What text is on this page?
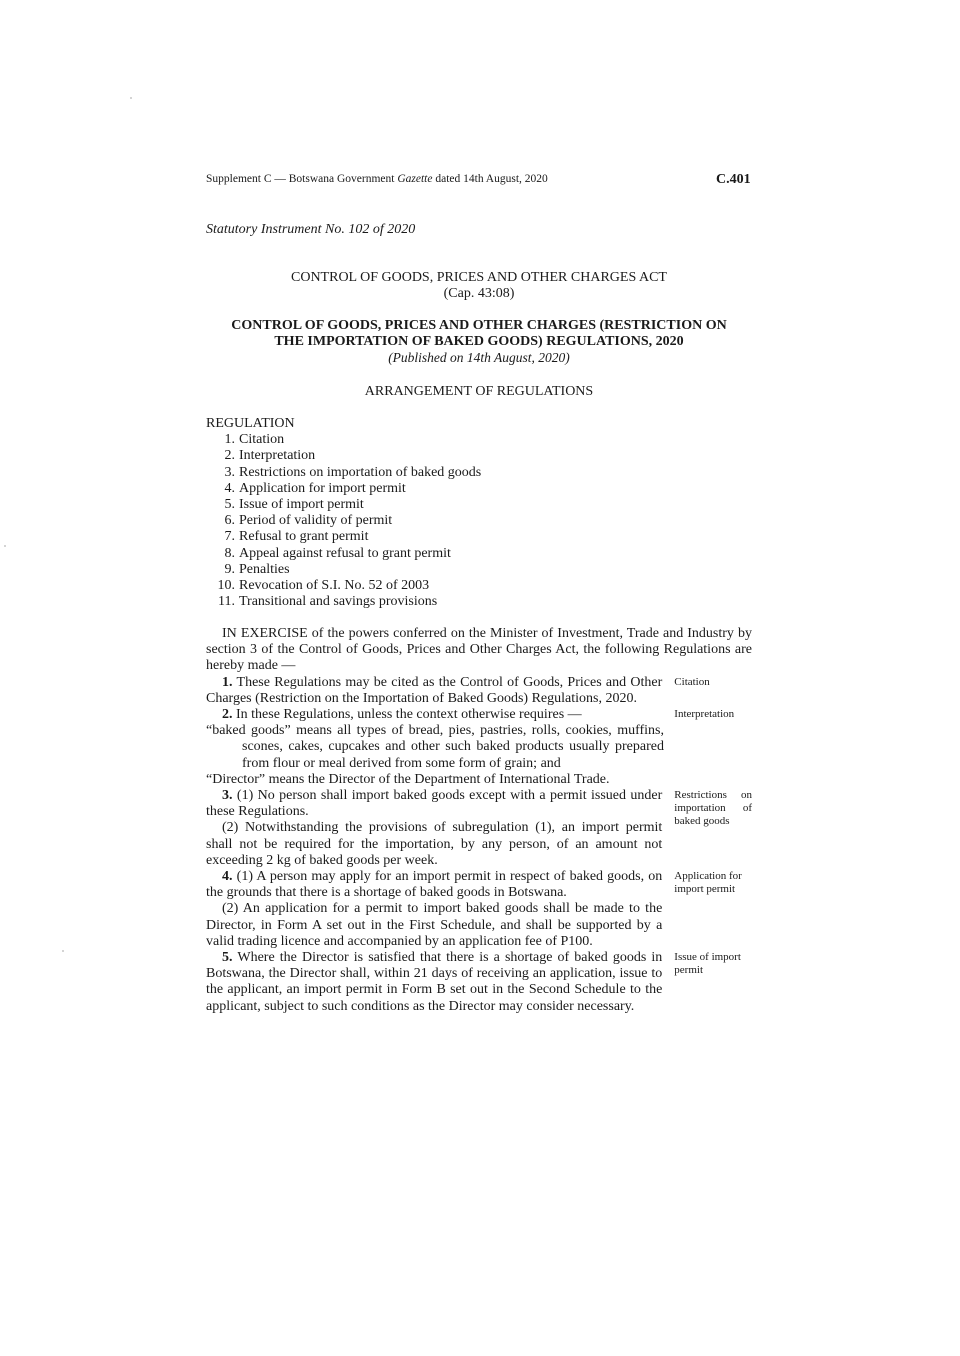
Supplement C — Botswana Government Gazette dated 14th August, 2020	C.401
Statutory Instrument No. 102 of 2020
CONTROL OF GOODS, PRICES AND OTHER CHARGES ACT
(Cap. 43:08)
CONTROL OF GOODS, PRICES AND OTHER CHARGES (RESTRICTION ON
THE IMPORTATION OF BAKED GOODS) REGULATIONS, 2020
(Published on 14th August, 2020)
ARRANGEMENT OF REGULATIONS
REGULATION
1. Citation
2. Interpretation
3. Restrictions on importation of baked goods
4. Application for import permit
5. Issue of import permit
6. Period of validity of permit
7. Refusal to grant permit
8. Appeal against refusal to grant permit
9. Penalties
10. Revocation of S.I. No. 52 of 2003
11. Transitional and savings provisions

IN EXERCISE of the powers conferred on the Minister of Investment, Trade and Industry by section 3 of the Control of Goods, Prices and Other Charges Act, the following Regulations are hereby made —

1. These Regulations may be cited as the Control of Goods, Prices and Other Charges (Restriction on the Importation of Baked Goods) Regulations, 2020.

Citation

2. In these Regulations, unless the context otherwise requires —	Interpretation

“baked goods” means all types of bread, pies, pastries, rolls, cookies, muffins, scones, cakes, cupcakes and other such baked products usually prepared from flour or meal derived from some form of grain; and

“Director” means the Director of the Department of International Trade.

3. (1) No person shall import baked goods except with a permit issued under these Regulations.

(2) Notwithstanding the provisions of subregulation (1), an import permit shall not be required for the importation, by any person, of an amount not exceeding 2 kg of baked goods per week.

Restrictions on importation of baked goods

4. (1) A person may apply for an import permit in respect of baked goods, on the grounds that there is a shortage of baked goods in Botswana.

(2) An application for a permit to import baked goods shall be made to the Director, in Form A set out in the First Schedule, and shall be supported by a valid trading licence and accompanied by an application fee of P100.

Application for import permit

5. Where the Director is satisfied that there is a shortage of baked goods in Botswana, the Director shall, within 21 days of receiving an application, issue to the applicant, an import permit in Form B set out in the Second Schedule to the applicant, subject to such conditions as the Director may consider necessary.

Issue of import permit
